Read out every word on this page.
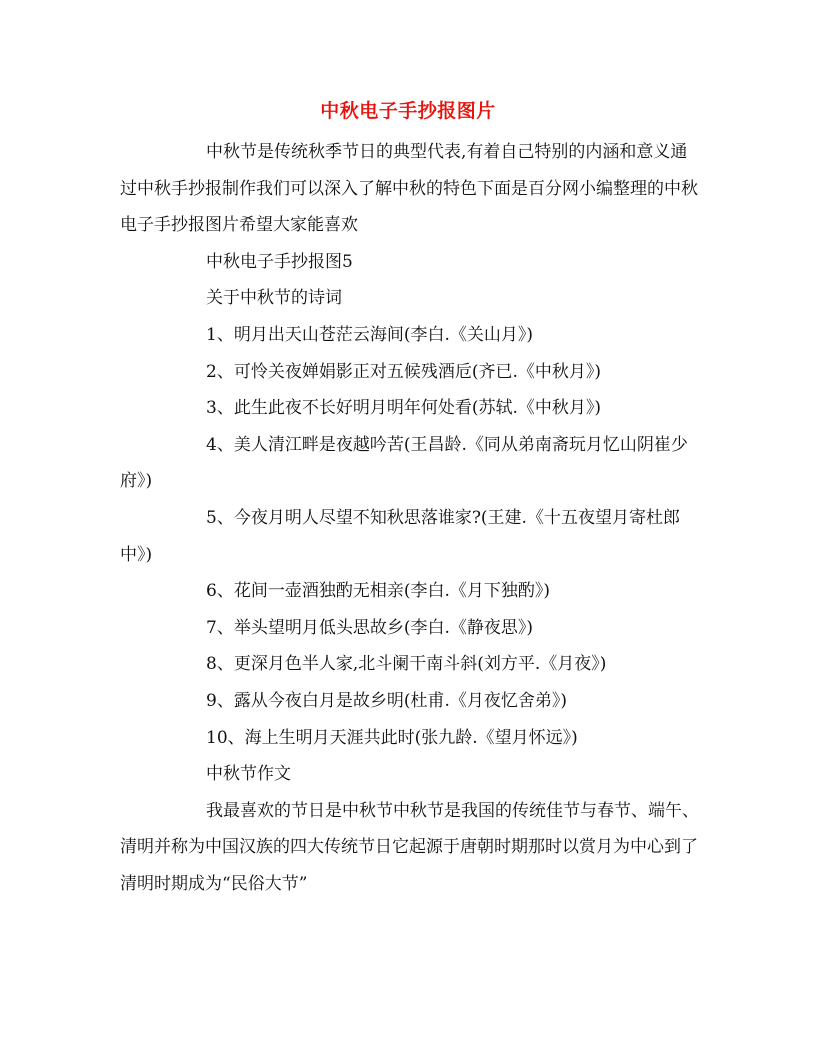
中秋电子手抄报图片

中秋节是传统秋季节日的典型代表,有着自己特别的内涵和意义通过中秋手抄报制作我们可以深入了解中秋的特色下面是百分网小编整理的中秋电子手抄报图片希望大家能喜欢

中秋电子手抄报图5

关于中秋节的诗词

1、明月出天山苍茫云海间(李白.《关山月》)

2、可怜关夜婵娟影正对五候残酒卮(齐已.《中秋月》)

3、此生此夜不长好明月明年何处看(苏轼.《中秋月》)

4、美人清江畔是夜越吟苦(王昌龄.《同从弟南斋玩月忆山阴崔少府》)

5、今夜月明人尽望不知秋思落谁家?(王建.《十五夜望月寄杜郎中》)

6、花间一壶酒独酌无相亲(李白.《月下独酌》)

7、举头望明月低头思故乡(李白.《静夜思》)

8、更深月色半人家,北斗阑干南斗斜(刘方平.《月夜》)

9、露从今夜白月是故乡明(杜甫.《月夜忆舍弟》)

10、海上生明月天涯共此时(张九龄.《望月怀远》)

中秋节作文

我最喜欢的节日是中秋节中秋节是我国的传统佳节与春节、端午、清明并称为中国汉族的四大传统节日它起源于唐朝时期那时以赏月为中心到了清明时期成为“民俗大节”
